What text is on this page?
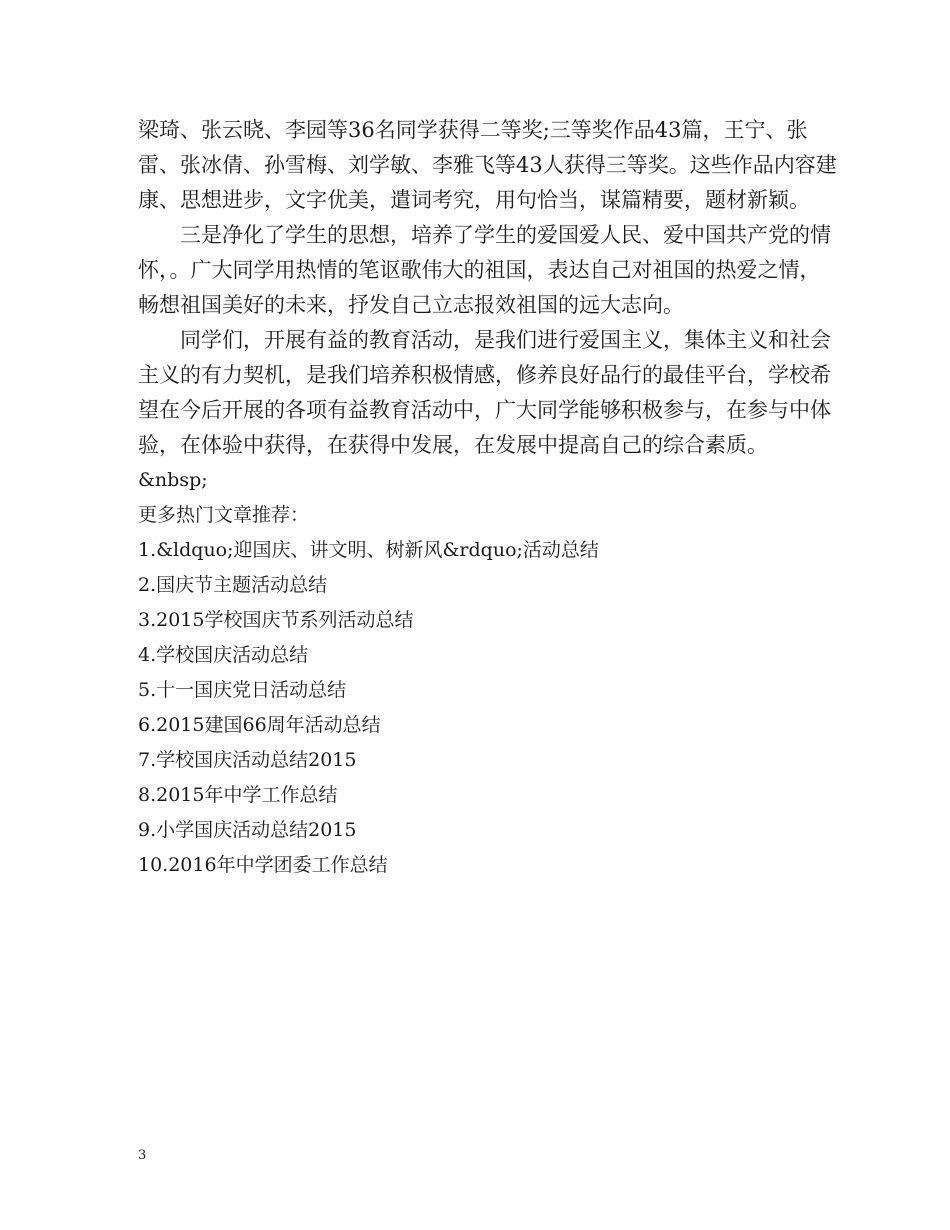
梁琦、张云晓、李园等36名同学获得二等奖;三等奖作品43篇，王宁、张雷、张冰倩、孙雪梅、刘学敏、李雅飞等43人获得三等奖。这些作品内容建康、思想进步，文字优美，遣词考究，用句恰当，谋篇精要，题材新颖。

三是净化了学生的思想，培养了学生的爱国爱人民、爱中国共产党的情怀，。广大同学用热情的笔讴歌伟大的祖国，表达自己对祖国的热爱之情，畅想祖国美好的未来，抒发自己立志报效祖国的远大志向。

同学们，开展有益的教育活动，是我们进行爱国主义，集体主义和社会主义的有力契机，是我们培养积极情感，修养良好品行的最佳平台，学校希望在今后开展的各项有益教育活动中，广大同学能够积极参与，在参与中体验，在体验中获得，在获得中发展，在发展中提高自己的综合素质。

&nbsp;

更多热门文章推荐：

1.&ldquo;迎国庆、讲文明、树新风&rdquo;活动总结
2.国庆节主题活动总结
3.2015学校国庆节系列活动总结
4.学校国庆活动总结
5.十一国庆党日活动总结
6.2015建国66周年活动总结
7.学校国庆活动总结2015
8.2015年中学工作总结
9.小学国庆活动总结2015
10.2016年中学团委工作总结
3
